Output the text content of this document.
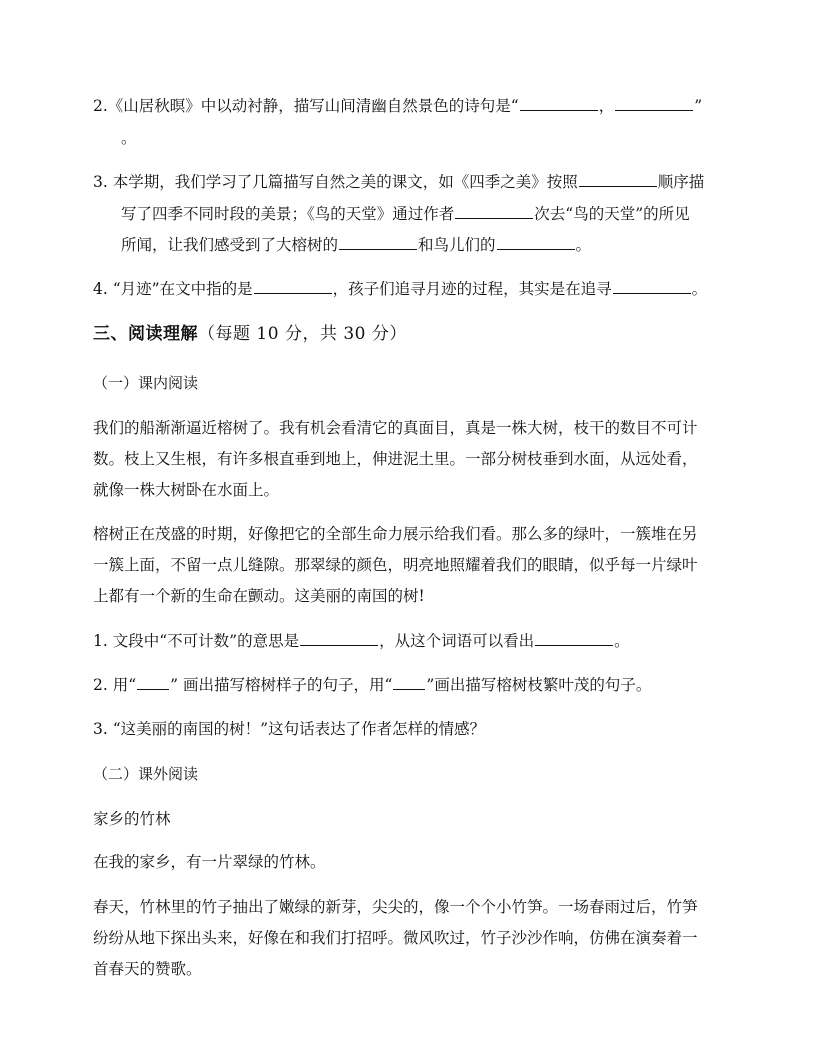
2.《山居秋暝》中以动衬静，描写山间清幽自然景色的诗句是“	，	”
。
3. 本学期，我们学习了几篇描写自然之美的课文，如《四季之美》按照	顺序描
写了四季不同时段的美景；《鸟的天堂》通过作者	次去“鸟的天堂”的所见
所闻，让我们感受到了大榕树的	和鸟儿们的	。
4. “月迹”在文中指的是	，孩子们追寻月迹的过程，其实是在追寻	。
三、阅读理解（每题 10 分，共 30 分）
（一）课内阅读
我们的船渐渐逼近榕树了。我有机会看清它的真面目，真是一株大树，枝干的数目不可计
数。枝上又生根，有许多根直垂到地上，伸进泥土里。一部分树枝垂到水面，从远处看，
就像一株大树卧在水面上。
榕树正在茂盛的时期，好像把它的全部生命力展示给我们看。那么多的绿叶，一簇堆在另
一簇上面，不留一点儿缝隙。那翠绿的颜色，明亮地照耀着我们的眼睛，似乎每一片绿叶
上都有一个新的生命在颤动。这美丽的南国的树!
1. 文段中“不可计数”的意思是	，从这个词语可以看出	。
2. 用“ ” 画出描写榕树样子的句子，用“ ”画出描写榕树枝繁叶茂的句子。
3. “这美丽的南国的树！”这句话表达了作者怎样的情感？
（二）课外阅读
家乡的竹林
在我的家乡，有一片翠绿的竹林。
春天，竹林里的竹子抽出了嫩绿的新芽，尖尖的，像一个个小竹笋。一场春雨过后，竹笋
纷纷从地下探出头来，好像在和我们打招呼。微风吹过，竹子沙沙作响，仿佛在演奏着一
首春天的赞歌。
